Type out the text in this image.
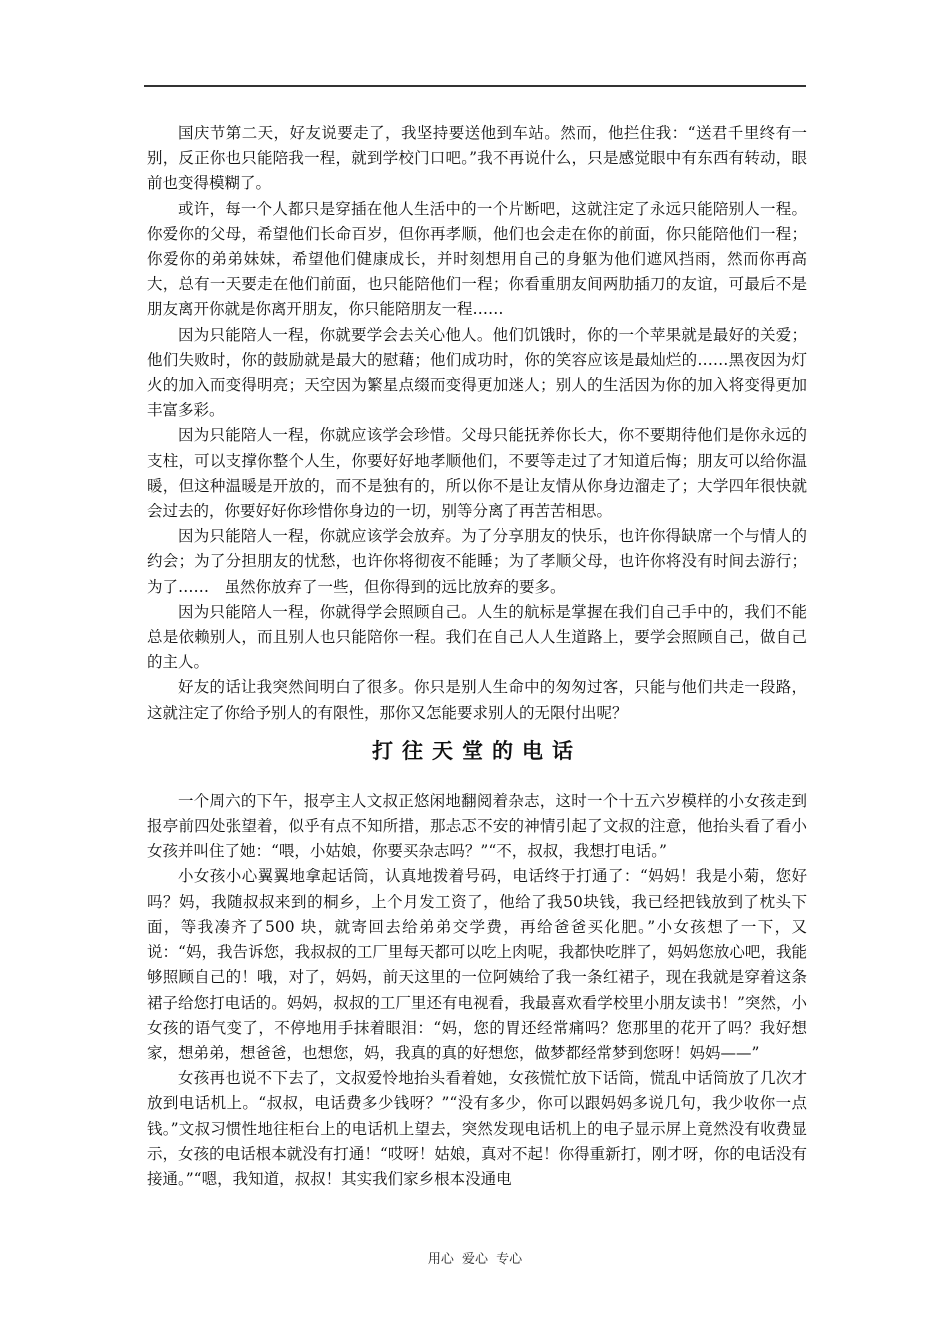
国庆节第二天，好友说要走了，我坚持要送他到车站。然而，他拦住我：“送君千里终有一别，反正你也只能陪我一程，就到学校门口吧。”我不再说什么，只是感觉眼中有东西有转动，眼前也变得模糊了。

或许，每一个人都只是穿插在他人生活中的一个片断吧，这就注定了永远只能陪别人一程。你爱你的父母，希望他们长命百岁，但你再孝顺，他们也会走在你的前面，你只能陪他们一程；你爱你的弟弟妹妹，希望他们健康成长，并时刻想用自己的身躯为他们遮风挡雨，然而你再高大，总有一天要走在他们前面，也只能陪他们一程；你看重朋友间两肋插刀的友谊，可最后不是朋友离开你就是你离开朋友，你只能陪朋友一程……

因为只能陪人一程，你就要学会去关心他人。他们饥饿时，你的一个苹果就是最好的关爱；他们失败时，你的鼓励就是最大的慰藉；他们成功时，你的笑容应该是最灿烂的……黑夜因为灯火的加入而变得明亮；天空因为繁星点缀而变得更加迷人；别人的生活因为你的加入将变得更加丰富多彩。

因为只能陪人一程，你就应该学会珍惜。父母只能抚养你长大，你不要期待他们是你永远的支柱，可以支撑你整个人生，你要好好地孝顺他们，不要等走过了才知道后悔；朋友可以给你温暖，但这种温暖是开放的，而不是独有的，所以你不是让友情从你身边溜走了；大学四年很快就会过去的，你要好好你珍惜你身边的一切，别等分离了再苦苦相思。

因为只能陪人一程，你就应该学会放弃。为了分享朋友的快乐，也许你得缺席一个与情人的约会；为了分担朋友的忧愁，也许你将彻夜不能睡；为了孝顺父母，也许你将没有时间去游行；为了……　虽然你放弃了一些，但你得到的远比放弃的要多。

因为只能陪人一程，你就得学会照顾自己。人生的航标是掌握在我们自己手中的，我们不能总是依赖别人，而且别人也只能陪你一程。我们在自己人人生道路上，要学会照顾自己，做自己的主人。

好友的话让我突然间明白了很多。你只是别人生命中的匆匆过客，只能与他们共走一段路，这就注定了你给予别人的有限性，那你又怎能要求别人的无限付出呢？

打往天堂的电话

一个周六的下午，报亭主人文叔正悠闲地翻阅着杂志，这时一个十五六岁模样的小女孩走到报亭前四处张望着，似乎有点不知所措，那忐忑不安的神情引起了文叔的注意，他抬头看了看小女孩并叫住了她：“喂，小姑娘，你要买杂志吗？”“不，叔叔，我想打电话。”

小女孩小心翼翼地拿起话筒，认真地拨着号码，电话终于打通了：“妈妈！我是小菊，您好吗？妈，我随叔叔来到的桐乡，上个月发工资了，他给了我50块钱，我已经把钱放到了枕头下面，等我凑齐了500 块，就寄回去给弟弟交学费，再给爸爸买化肥。”小女孩想了一下，又说：“妈，我告诉您，我叔叔的工厂里每天都可以吃上肉呢，我都快吃胖了，妈妈您放心吧，我能够照顾自己的！哦，对了，妈妈，前天这里的一位阿姨给了我一条红裙子，现在我就是穿着这条裙子给您打电话的。妈妈，叔叔的工厂里还有电视看，我最喜欢看学校里小朋友读书！”突然，小女孩的语气变了，不停地用手抹着眼泪：“妈，您的胃还经常痛吗？您那里的花开了吗？我好想家，想弟弟，想爸爸，也想您，妈，我真的真的好想您，做梦都经常梦到您呀！妈妈——”

女孩再也说不下去了，文叔爱怜地抬头看着她，女孩慌忙放下话筒，慌乱中话筒放了几次才放到电话机上。“叔叔，电话费多少钱呀？”“没有多少，你可以跟妈妈多说几句，我少收你一点钱。”文叔习惯性地往柜台上的电话机上望去，突然发现电话机上的电子显示屏上竟然没有收费显示，女孩的电话根本就没有打通！“哎呀！姑娘，真对不起！你得重新打，刚才呀，你的电话没有接通。”“嗯，我知道，叔叔！其实我们家乡根本没通电

用心 爱心 专心
